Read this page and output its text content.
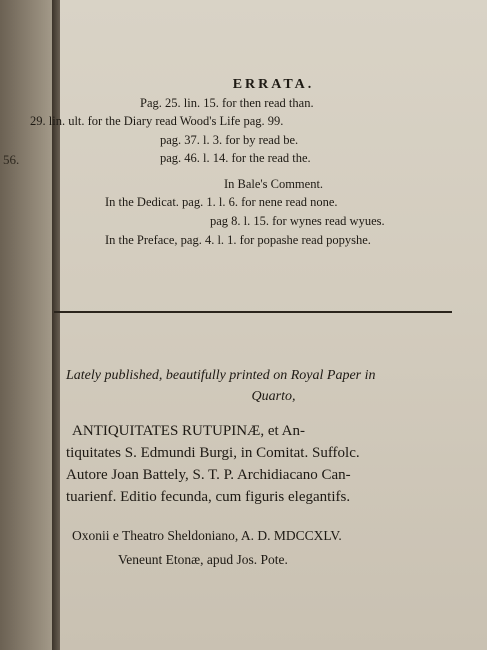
56.
ERRATA.
Pag. 25. lin. 15. for then read than.
29. lin. ult. for the Diary read Wood's Life pag. 99.
pag. 37. l. 3. for by read be.
pag. 46. l. 14. for the read the.
In Bale's Comment.
In the Dedicat. pag. 1. l. 6. for nene read none.
pag 8. l. 15. for wynes read wyues.
In the Preface, pag. 4. l. 1. for popashe read popyshe.
Lately published, beautifully printed on Royal Paper in
Quarto,
ANTIQUITATES RUTUPINÆ, et An-
tiquitates S. Edmundi Burgi, in Comitat. Suffolc.
Autore Joan Battely, S. T. P. Archidiacano Can-
tuarienf. Editio fecunda, cum figuris elegantifs.
Oxonii e Theatro Sheldoniano, A. D. MDCCXLV.
Veneunt Etonæ, apud Jos. Pote.
